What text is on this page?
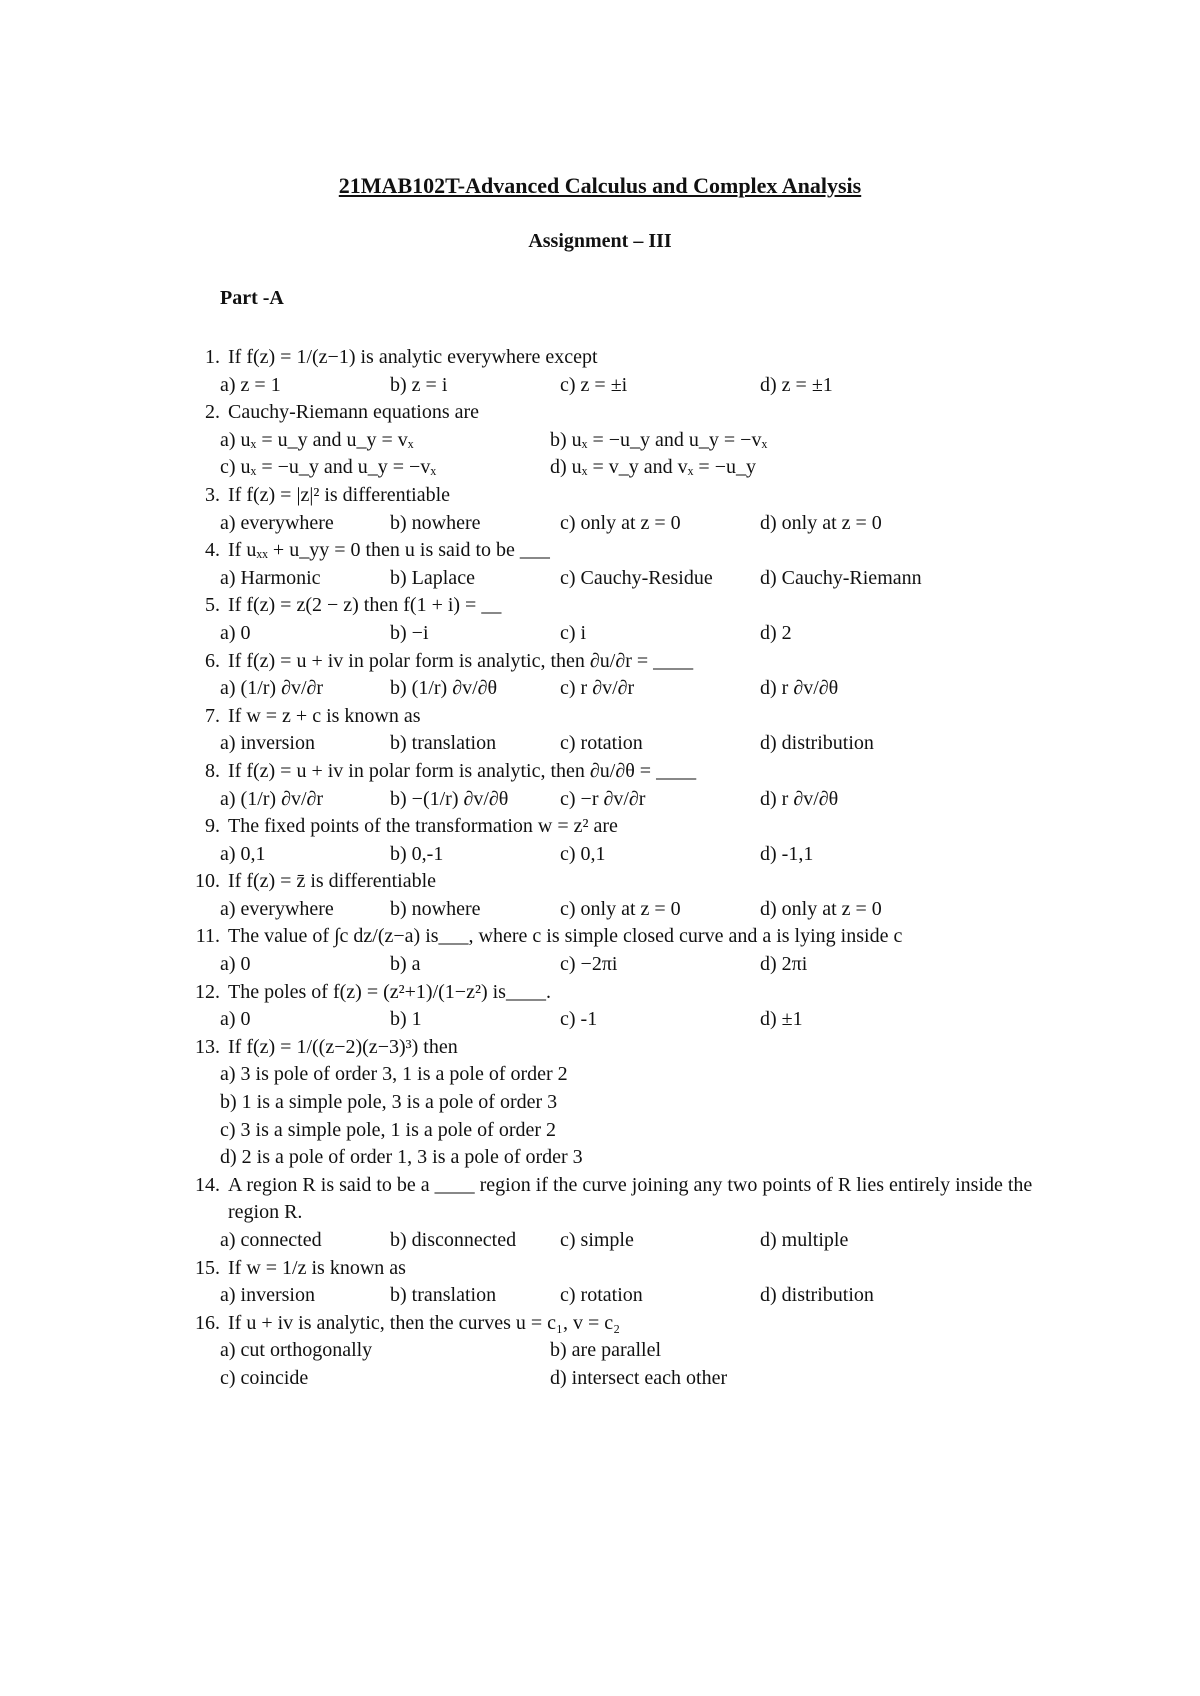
21MAB102T-Advanced Calculus and Complex Analysis
Assignment – III
Part -A
1. If f(z) = 1/(z−1) is analytic everywhere except
a) z = 1	b) z = i	c) z = ±i	d) z = ±1
2. Cauchy-Riemann equations are
a) uₓ = u_y and u_y = vₓ	b) uₓ = −u_y and u_y = −vₓ
c) uₓ = −u_y and u_y = −vₓ	d) uₓ = v_y and vₓ = −u_y
3. If f(z) = |z|² is differentiable
a) everywhere	b) nowhere	c) only at z = 0	d) only at z = 0
4. If uₓₓ + u_yy = 0 then u is said to be ___
a) Harmonic	b) Laplace	c) Cauchy-Residue	d) Cauchy-Riemann
5. If f(z) = z(2 − z) then f(1 + i) = __
a) 0	b) −i	c) i	d) 2
6. If f(z) = u + iv in polar form is analytic, then ∂u/∂r = ____
a) (1/r) ∂v/∂r	b) (1/r) ∂v/∂θ	c) r ∂v/∂r	d) r ∂v/∂θ
7. If w = z + c is known as
a) inversion	b) translation	c) rotation	d) distribution
8. If f(z) = u + iv in polar form is analytic, then ∂u/∂θ = ____
a) (1/r) ∂v/∂r	b) −(1/r) ∂v/∂θ	c) −r ∂v/∂r	d) r ∂v/∂θ
9. The fixed points of the transformation w = z² are
a) 0,1	b) 0,-1	c) 0,1	d) -1,1
10. If f(z) = z̄ is differentiable
a) everywhere	b) nowhere	c) only at z = 0	d) only at z = 0
11. The value of ∫c dz/(z−a) is___, where c is simple closed curve and a is lying inside c
a) 0	b) a	c) −2πi	d) 2πi
12. The poles of f(z) = (z²+1)/(1−z²) is____.
a) 0	b) 1	c) -1	d) ±1
13. If f(z) = 1/((z−2)(z−3)³) then
a) 3 is pole of order 3, 1 is a pole of order 2
b) 1 is a simple pole, 3 is a pole of order 3
c) 3 is a simple pole, 1 is a pole of order 2
d) 2 is a pole of order 1, 3 is a pole of order 3
14. A region R is said to be a ____ region if the curve joining any two points of R lies entirely inside the region R.
a) connected	b) disconnected	c) simple	d) multiple
15. If w = 1/z is known as
a) inversion	b) translation	c) rotation	d) distribution
16. If u + iv is analytic, then the curves u = c₁, v = c₂
a) cut orthogonally	b) are parallel
c) coincide	d) intersect each other
